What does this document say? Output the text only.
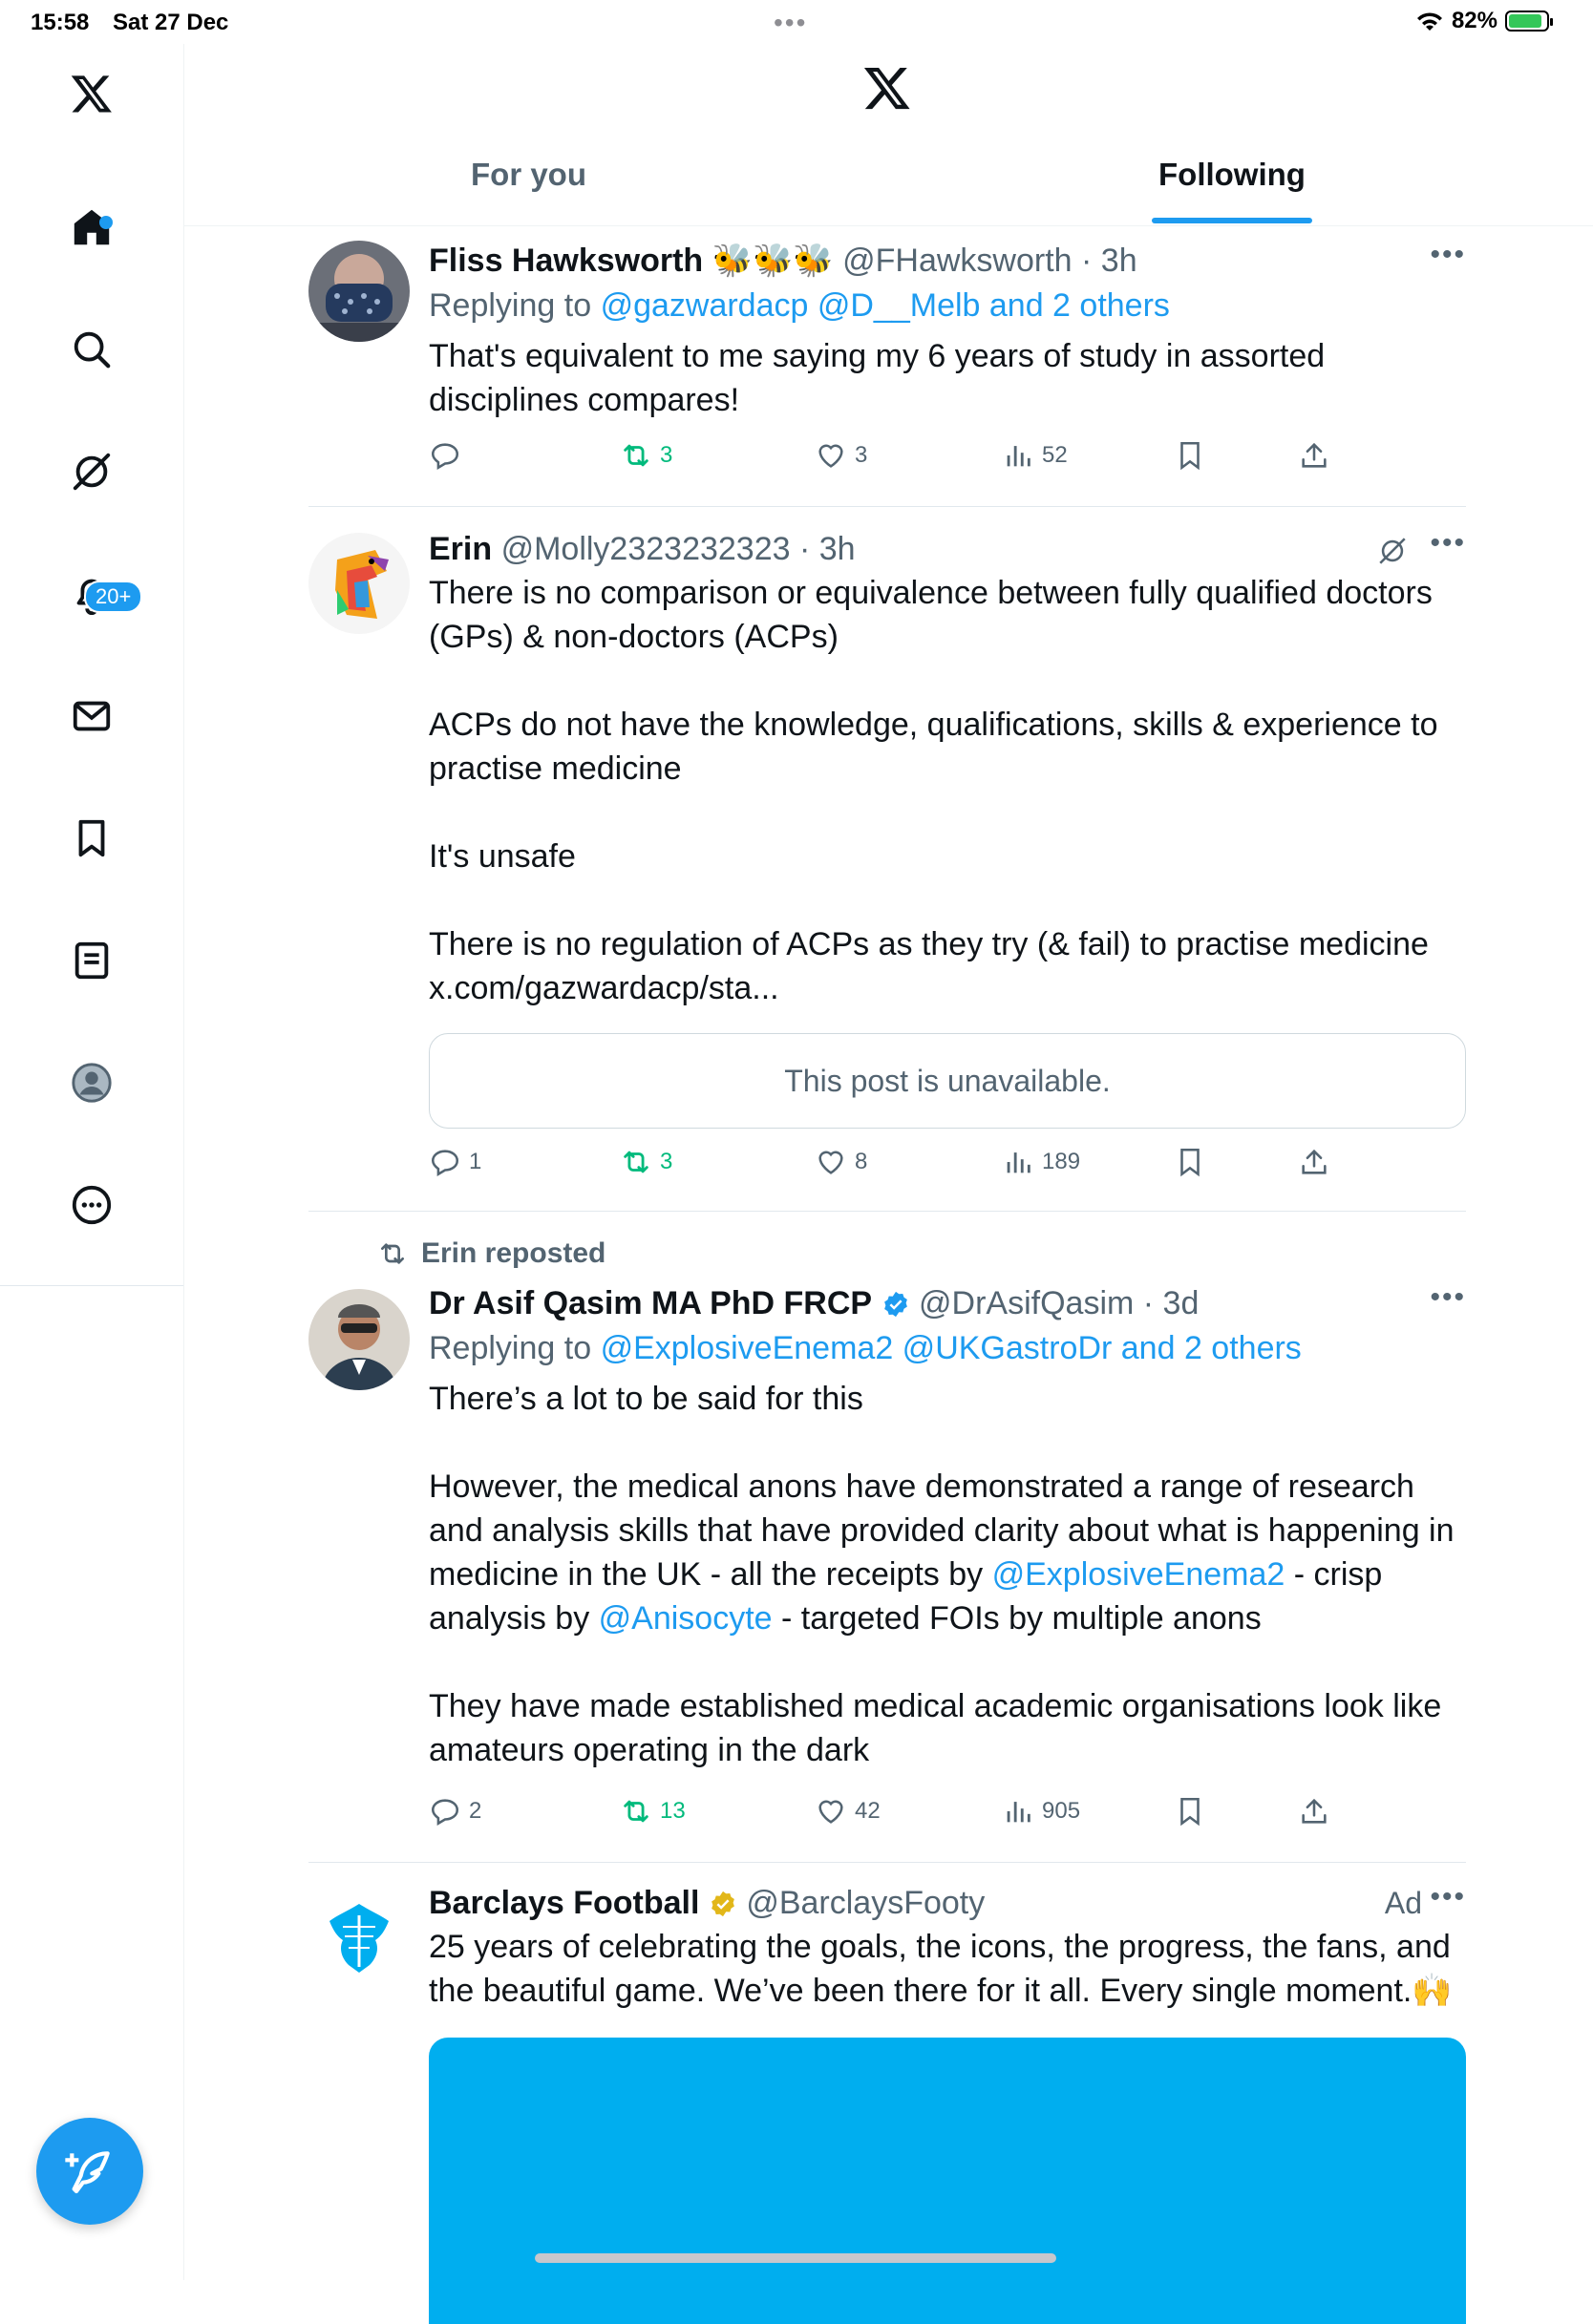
15:58 Sat 27 Dec	•••	82%
20+
For you	Following
Fliss Hawksworth 🐝🐝🐝 @FHawksworth · 3h
Replying to @gazwardacp @D__Melb and 2 others
That's equivalent to me saying my 6 years of study in assorted disciplines compares!
•••
3	3	52
Erin @Molly2323232323 · 3h
There is no comparison or equivalence between fully qualified doctors (GPs) & non-doctors (ACPs)

ACPs do not have the knowledge, qualifications, skills & experience to practise medicine

It's unsafe

There is no regulation of ACPs as they try (& fail) to practise medicine
x.com/gazwardacp/sta...
•••
This post is unavailable.
1	3	8	189
Erin reposted
Dr Asif Qasim MA PhD FRCP @DrAsifQasim · 3d
Replying to @ExplosiveEnema2 @UKGastroDr and 2 others
There’s a lot to be said for this

However, the medical anons have demonstrated a range of research and analysis skills that have provided clarity about what is happening in medicine in the UK - all the receipts by @ExplosiveEnema2 - crisp analysis by @Anisocyte - targeted FOIs by multiple anons

They have made established medical academic organisations look like amateurs operating in the dark
•••
2	13	42	905
Barclays Football @BarclaysFooty
25 years of celebrating the goals, the icons, the progress, the fans, and the beautiful game. We’ve been there for it all. Every single moment.🙌
Ad •••
